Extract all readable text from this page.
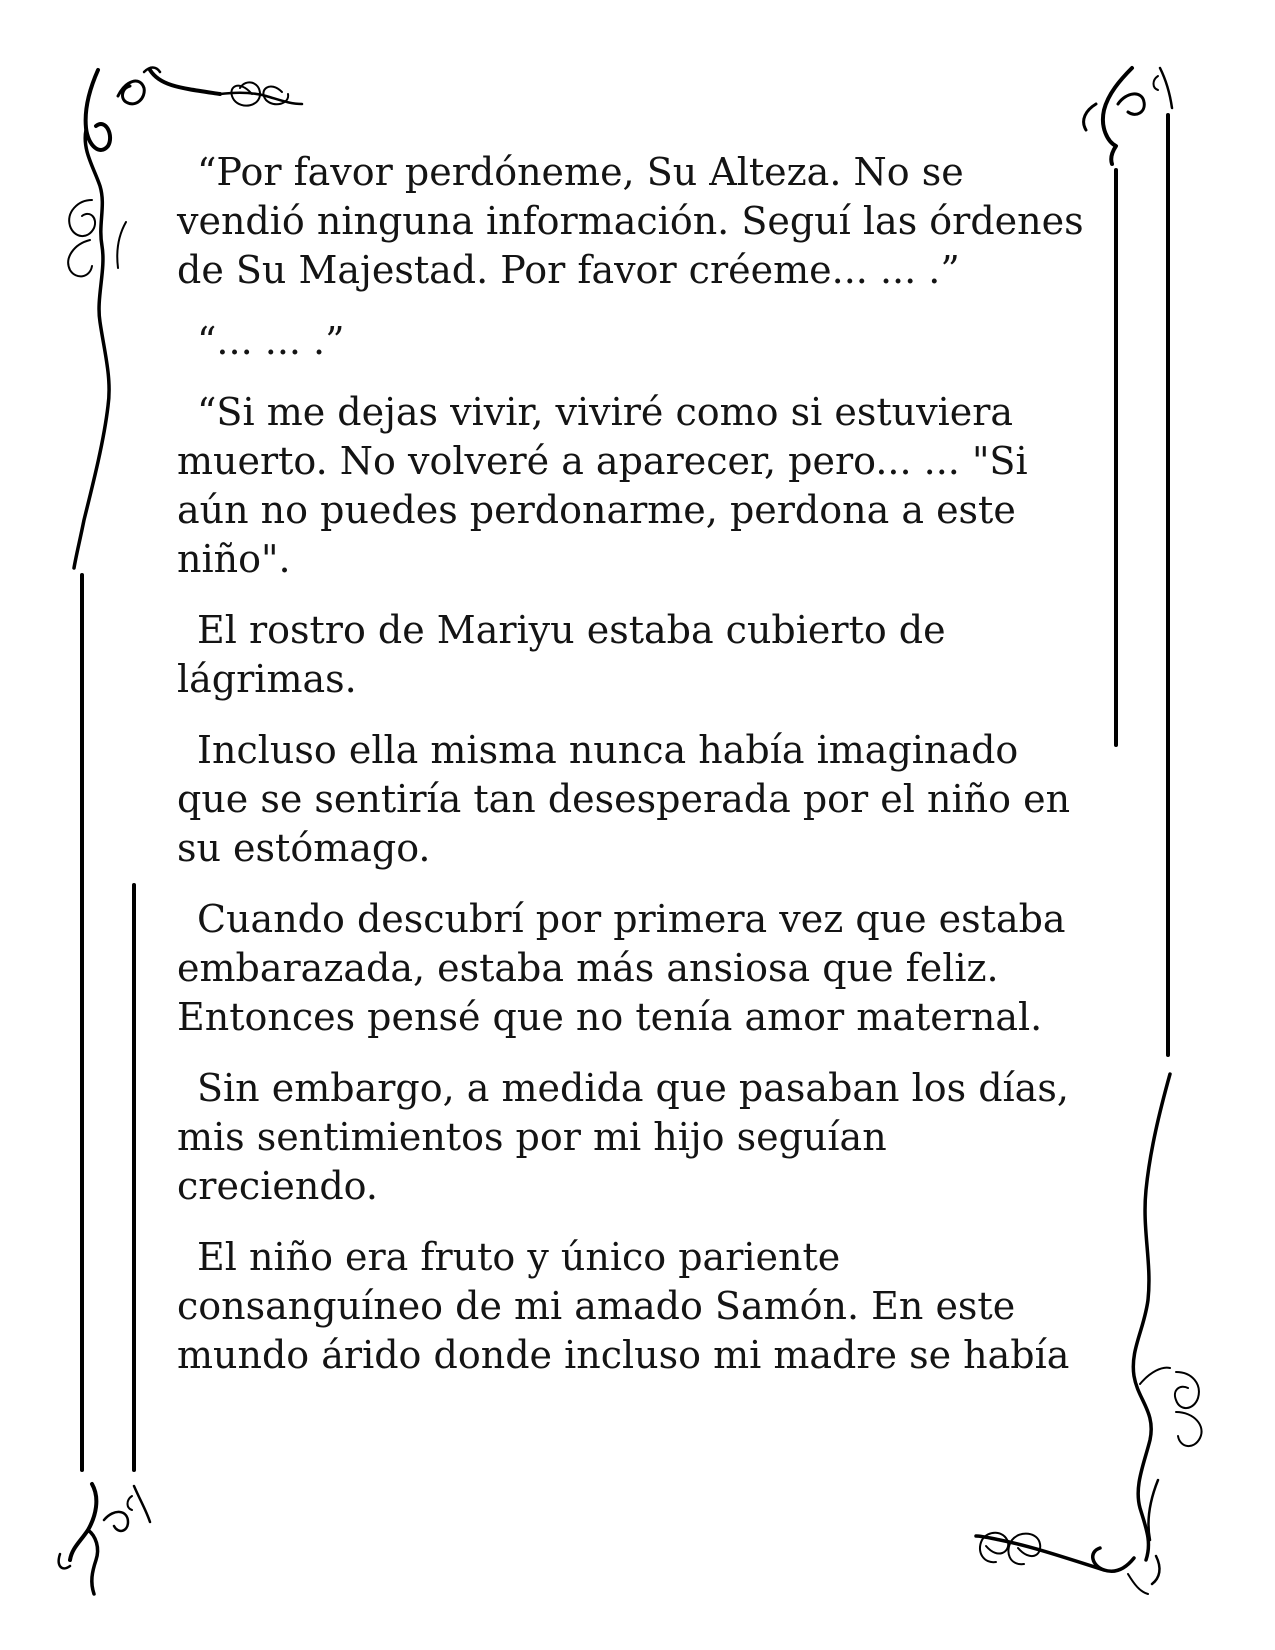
“Por favor perdóneme, Su Alteza. No se vendió ninguna información. Seguí las órdenes de Su Majestad. Por favor créeme... ... .”

“... ... .”

“Si me dejas vivir, viviré como si estuviera muerto. No volveré a aparecer, pero... ... "Si aún no puedes perdonarme, perdona a este niño".

El rostro de Mariyu estaba cubierto de lágrimas.

Incluso ella misma nunca había imaginado que se sentiría tan desesperada por el niño en su estómago.

Cuando descubrí por primera vez que estaba embarazada, estaba más ansiosa que feliz. Entonces pensé que no tenía amor maternal.

Sin embargo, a medida que pasaban los días, mis sentimientos por mi hijo seguían creciendo.

El niño era fruto y único pariente consanguíneo de mi amado Samón. En este mundo árido donde incluso mi madre se había
